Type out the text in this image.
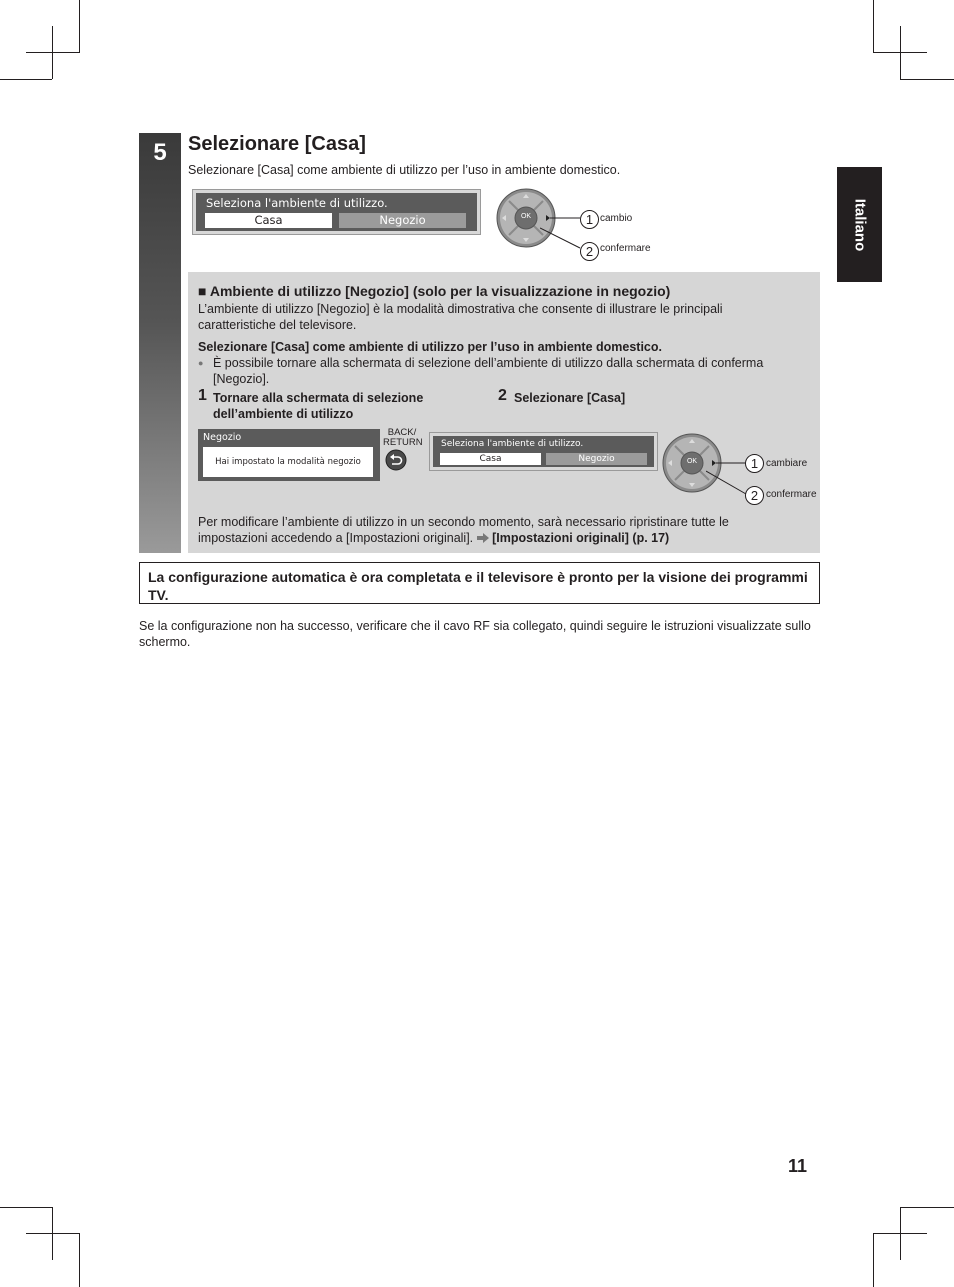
Italiano
5	Selezionare [Casa]
Selezionare [Casa] come ambiente di utilizzo per l’uso in ambiente domestico.
Seleziona l'ambiente di utilizzo.
Casa	Negozio	OK	1 cambio
2 confermare
■ Ambiente di utilizzo [Negozio] (solo per la visualizzazione in negozio)
L’ambiente di utilizzo [Negozio] è la modalità dimostrativa che consente di illustrare le principali caratteristiche del televisore.
Selezionare [Casa] come ambiente di utilizzo per l’uso in ambiente domestico.
● È possibile tornare alla schermata di selezione dell’ambiente di utilizzo dalla schermata di conferma [Negozio].
1 Tornare alla schermata di selezione dell’ambiente di utilizzo
2 Selezionare [Casa]
Negozio
Hai impostato la modalità negozio
BACK/
RETURN Seleziona l'ambiente di utilizzo.
Casa	Negozio	OK	1 cambiare
2 confermare
Per modificare l’ambiente di utilizzo in un secondo momento, sarà necessario ripristinare tutte le impostazioni accedendo a [Impostazioni originali]. [Impostazioni originali] (p. 17)
La configurazione automatica è ora completata e il televisore è pronto per la visione dei programmi TV.
Se la configurazione non ha successo, verificare che il cavo RF sia collegato, quindi seguire le istruzioni visualizzate sullo schermo.
11
